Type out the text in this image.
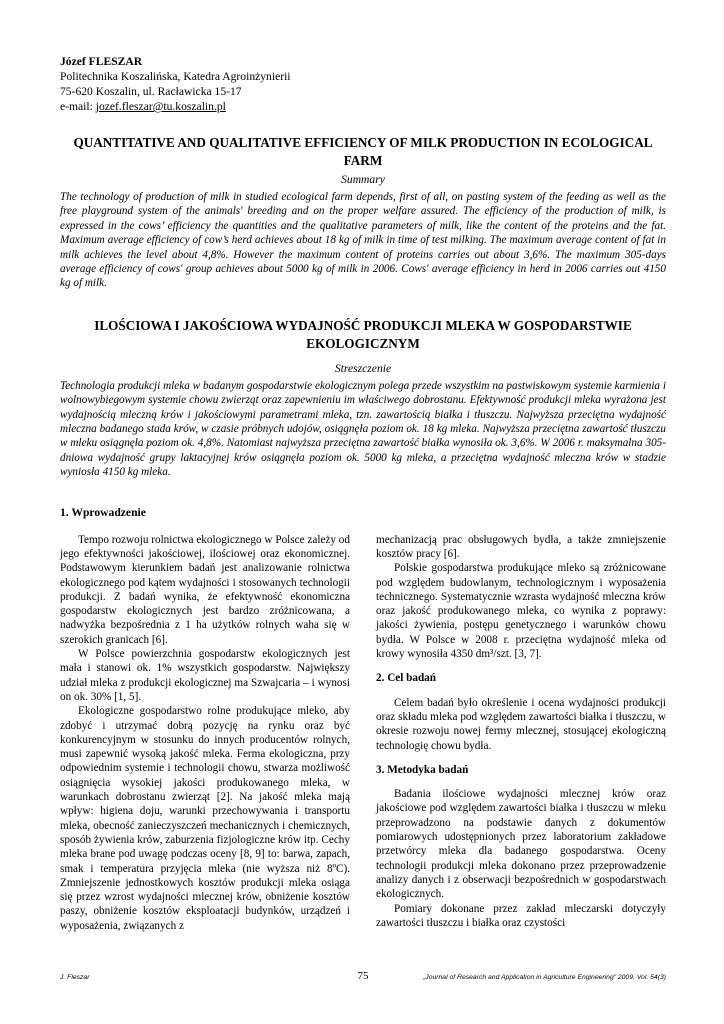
Józef FLESZAR
Politechnika Koszalińska, Katedra Agroinżynierii
75-620 Koszalin, ul. Racławicka 15-17
e-mail: jozef.fleszar@tu.koszalin.pl
QUANTITATIVE AND QUALITATIVE EFFICIENCY OF MILK PRODUCTION IN ECOLOGICAL FARM
Summary
The technology of production of milk in studied ecological farm depends, first of all, on pasting system of the feeding as well as the free playground system of the animals' breeding and on the proper welfare assured. The efficiency of the production of milk, is expressed in the cows’ efficiency the quantities and the qualitative parameters of milk, like the content of the proteins and the fat. Maximum average efficiency of cow’s herd achieves about 18 kg of milk in time of test milking. The maximum average content of fat in milk achieves the level about 4,8%. However the maximum content of proteins carries out about 3,6%. The maximum 305-days average efficiency of cows' group achieves about 5000 kg of milk in 2006. Cows' average efficiency in herd in 2006 carries out 4150 kg of milk.
ILOŚCIOWA I JAKOŚCIOWA WYDAJNOŚĆ PRODUKCJI MLEKA W GOSPODARSTWIE EKOLOGICZNYM
Streszczenie
Technologia produkcji mleka w badanym gospodarstwie ekologicznym polega przede wszystkim na pastwiskowym systemie karmienia i wolnowybiegowym systemie chowu zwierząt oraz zapewnieniu im właściwego dobrostanu. Efektywność produkcji mleka wyrażona jest wydajnością mleczną krów i jakościowymi parametrami mleka, tzn. zawartością białka i tłuszczu. Najwyższa przeciętna wydajność mleczna badanego stada krów, w czasie próbnych udojów, osiągnęła poziom ok. 18 kg mleka. Najwyższa przeciętna zawartość tłuszczu w mleku osiągnęła poziom ok. 4,8%. Natomiast najwyższa przeciętna zawartość białka wynosiła ok. 3,6%. W 2006 r. maksymalna 305-dniowa wydajność grupy laktacyjnej krów osiągnęła poziom ok. 5000 kg mleka, a przeciętna wydajność mleczna krów w stadzie wyniosła 4150 kg mleka.
1. Wprowadzenie

Tempo rozwoju rolnictwa ekologicznego w Polsce zależy od jego efektywności jakościowej, ilościowej oraz ekonomicznej. Podstawowym kierunkiem badań jest analizowanie rolnictwa ekologicznego pod kątem wydajności i stosowanych technologii produkcji. Z badań wynika, że efektywność ekonomiczna gospodarstw ekologicznych jest bardzo zróżnicowana, a nadwyżka bezpośrednia z 1 ha użytków rolnych waha się w szerokich granicach [6].

W Polsce powierzchnia gospodarstw ekologicznych jest mała i stanowi ok. 1% wszystkich gospodarstw. Największy udział mleka z produkcji ekologicznej ma Szwajcaria – i wynosi on ok. 30% [1, 5].

Ekologiczne gospodarstwo rolne produkujące mleko, aby zdobyć i utrzymać dobrą pozycję na rynku oraz być konkurencyjnym w stosunku do innych producentów rolnych, musi zapewnić wysoką jakość mleka. Ferma ekologiczna, przy odpowiednim systemie i technologii chowu, stwarza możliwość osiągnięcia wysokiej jakości produkowanego mleka, w warunkach dobrostanu zwierząt [2]. Na jakość mleka mają wpływ: higiena doju, warunki przechowywania i transportu mleka, obecność zanieczyszczeń mechanicznych i chemicznych, sposób żywienia krów, zaburzenia fizjologiczne krów itp. Cechy mleka brane pod uwagę podczas oceny [8, 9] to: barwa, zapach, smak i temperatura przyjęcia mleka (nie wyższa niż 8ºC). Zmniejszenie jednostkowych kosztów produkcji mleka osiąga się przez wzrost wydajności mlecznej krów, obniżenie kosztów paszy, obniżenie kosztów eksploatacji budynków, urządzeń i wyposażenia, związanych z

mechanizacją prac obsługowych bydła, a także zmniejszenie kosztów pracy [6].

Polskie gospodarstwa produkujące mleko są zróżnicowane pod względem budowlanym, technologicznym i wyposażenia technicznego. Systematycznie wzrasta wydajność mleczna krów oraz jakość produkowanego mleka, co wynika z poprawy: jakości żywienia, postępu genetycznego i warunków chowu bydła. W Polsce w 2008 r. przeciętna wydajność mleka od krowy wynosiła 4350 dm³/szt. [3, 7].

2. Cel badań

Celem badań było określenie i ocena wydajności produkcji oraz składu mleka pod względem zawartości białka i tłuszczu, w okresie rozwoju nowej fermy mlecznej, stosującej ekologiczną technologię chowu bydła.

3. Metodyka badań

Badania ilościowe wydajności mlecznej krów oraz jakościowe pod względem zawartości białka i tłuszczu w mleku przeprowadzono na podstawie danych z dokumentów pomiarowych udostępnionych przez laboratorium zakładowe przetwórcy mleka dla badanego gospodarstwa. Oceny technologii produkcji mleka dokonano przez przeprowadzenie analizy danych i z obserwacji bezpośrednich w gospodarstwach ekologicznych.

Pomiary dokonane przez zakład mleczarski dotyczyły zawartości tłuszczu i białka oraz czystości

J. Fleszar	75	„Journal of Research and Application in Agriculture Engineering” 2009, Vol. 54(3)
